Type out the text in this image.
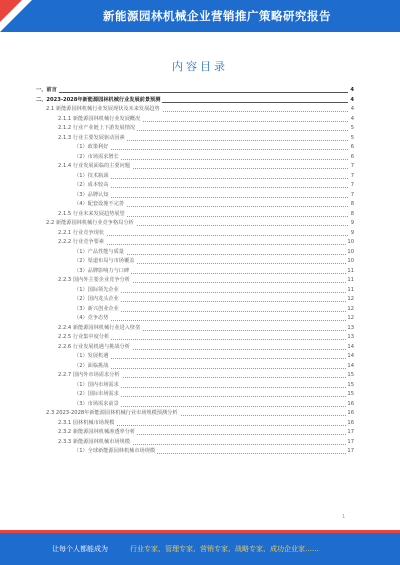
新能源园林机械企业营销推广策略研究报告
内容目录
一、前言	4
二、2023-2028年新能源园林机械行业发展前景预测	4
2.1 新能源园林机械行业发展现状及未来发展趋势	4
2.1.1 新能源园林机械行业发展概况	4
2.1.2 行业产业链上下游发展情况	5
2.1.3 行业主要发展驱动因素	5
（1）政策利好	6
（2）市场需求增长	6
2.1.4 行业发展面临的主要问题	7
（1）技术瓶颈	7
（2）成本较高	7
（3）品牌认知	7
（4）配套设施不完善	8
2.1.5 行业未来发展趋势展望	8
2.2 新能源园林机械行业竞争格局分析	9
2.2.1 行业竞争现状	9
2.2.2 行业竞争要素	10
（1）产品性能与质量	10
（2）渠道布局与市场覆盖	10
（3）品牌影响力与口碑	11
2.2.3 国内外主要企业竞争分析	11
（1）国际领先企业	11
（2）国内龙头企业	12
（3）新兴创业企业	12
（4）竞争态势	12
2.2.4 新能源园林机械行业进入壁垒	13
2.2.5 行业集中度分析	13
2.2.6 行业发展机遇与挑战分析	14
（1）发展机遇	14
（2）面临挑战	14
2.2.7 国内外市场需求分析	15
（1）国内市场需求	15
（2）国际市场需求	15
（3）市场需求前景	16
2.3 2023-2028年新能源园林机械行业市场规模预测分析	16
2.3.1 园林机械市场规模	16
2.3.2 新能源园林机械渗透率分析	17
2.3.3 新能源园林机械市场规模	17
（1）全球新能源园林机械市场规模	17
1
让每个人都能成为	行业专家、管理专家、营销专家、战略专家、成功企业家……
